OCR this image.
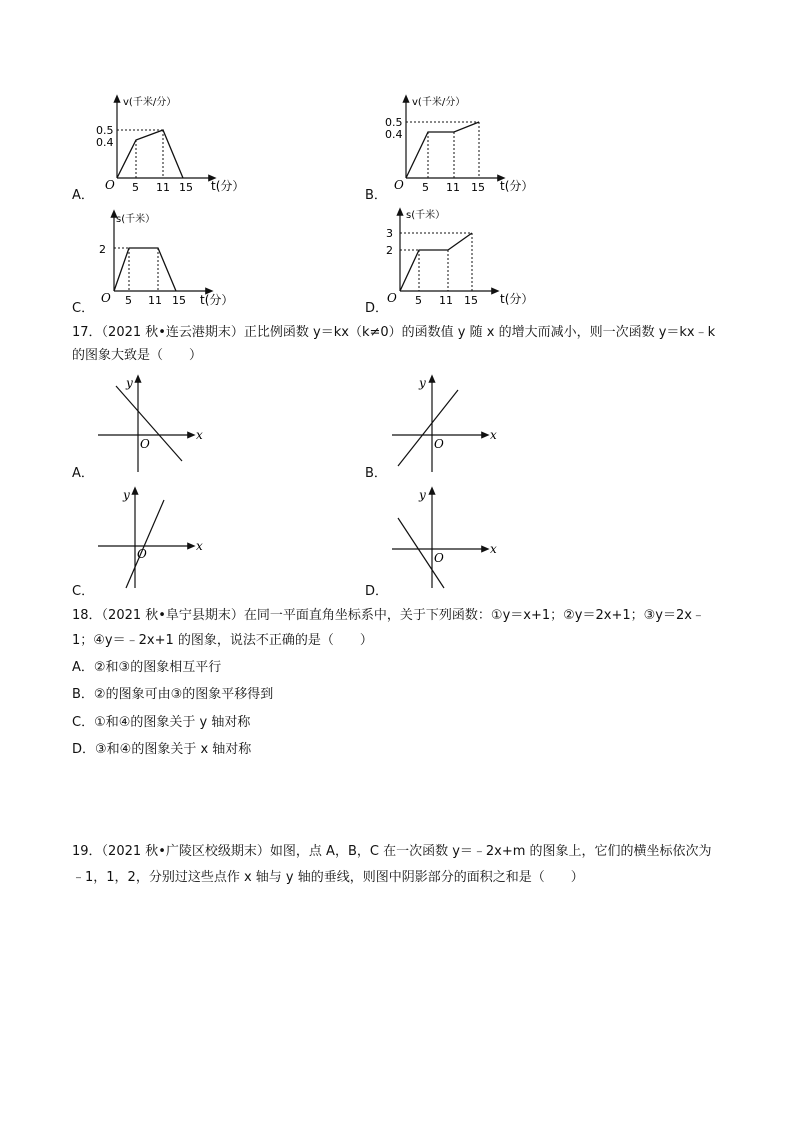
v(千米/分）
t(分）
O
0.5
0.4
5 11 15
A．
v(千米/分）
t(分）
O
0.5
0.4
5 11 15
B．
s(千米）
t(分）
O
2
5 11 15
C．
s(千米）
t(分）
O
3
2
5 11 15
D．
17．（2021 秋•连云港期末）正比例函数 y＝kx（k≠0）的函数值 y 随 x 的增大而减小，则一次函数 y＝kx﹣k
的图象大致是（　　）
x
y
O
A．
x
y
O
B．
x
y
O
C．
x
y
O
D．
18．（2021 秋•阜宁县期末）在同一平面直角坐标系中，关于下列函数：①y＝x+1；②y＝2x+1；③y＝2x﹣
1；④y＝﹣2x+1 的图象，说法不正确的是（　　）
A．②和③的图象相互平行
B．②的图象可由③的图象平移得到
C．①和④的图象关于 y 轴对称
D．③和④的图象关于 x 轴对称
19．（2021 秋•广陵区校级期末）如图，点 A，B，C 在一次函数 y＝﹣2x+m 的图象上，它们的横坐标依次为
﹣1，1，2，分别过这些点作 x 轴与 y 轴的垂线，则图中阴影部分的面积之和是（　　）
